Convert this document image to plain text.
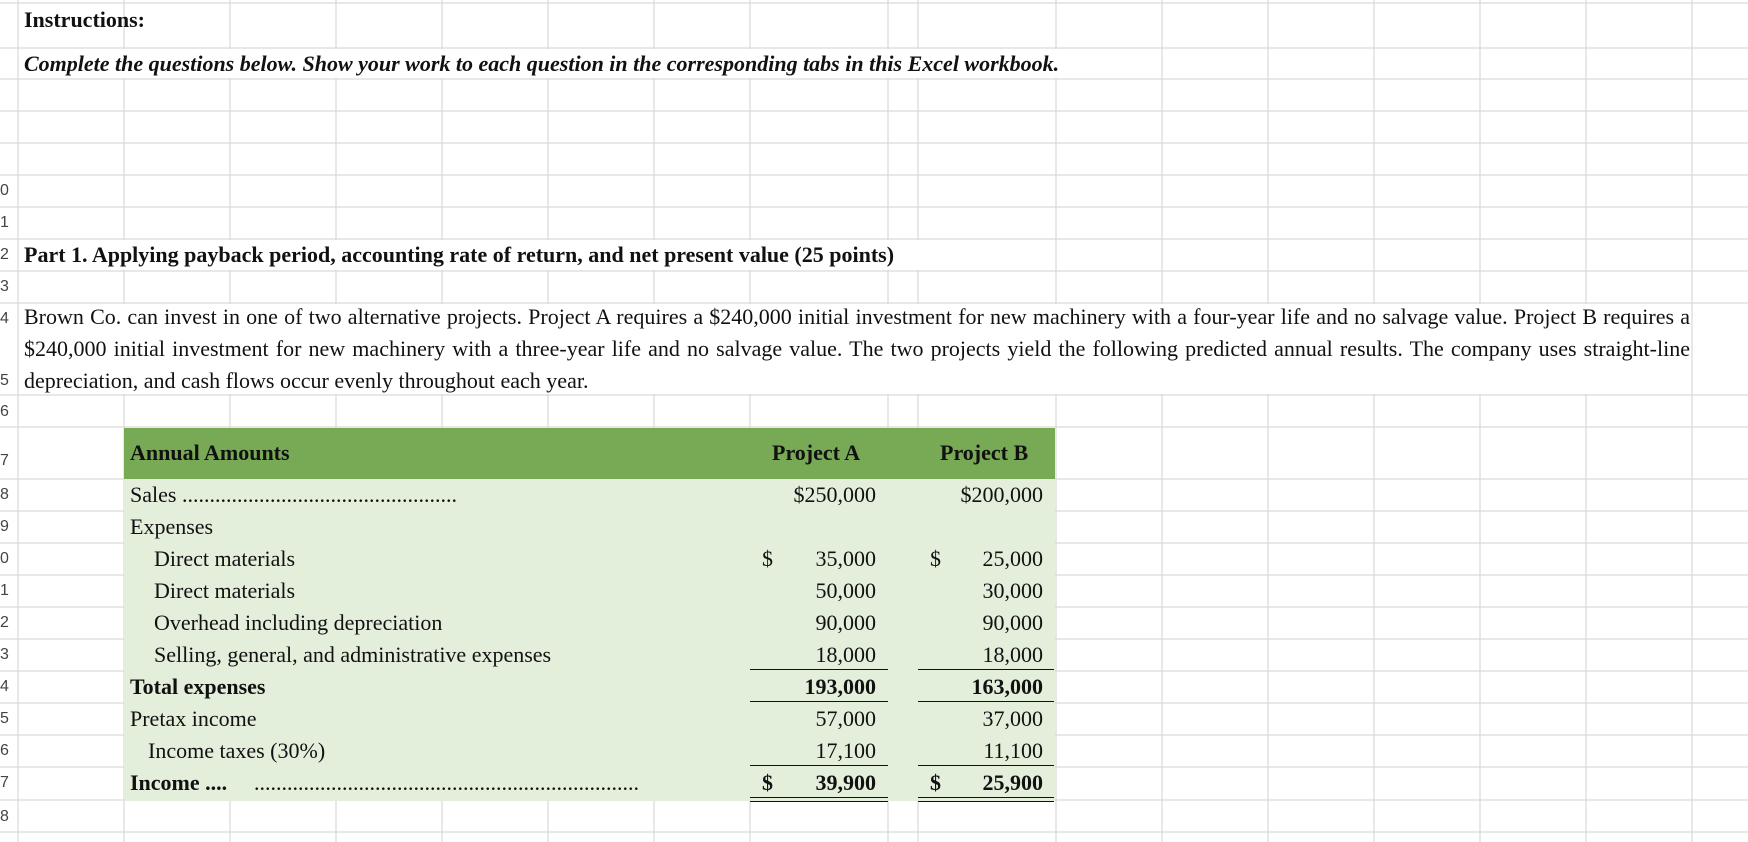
0
1
2
3
4
5
6
7
8
9
0
1
2
3
4
5
6
7
8
Instructions:
Complete the questions below. Show your work to each question in the corresponding tabs in this Excel workbook.
Part 1. Applying payback period, accounting rate of return, and net present value (25 points)
Brown Co. can invest in one of two alternative projects. Project A requires a $240,000 initial investment for new machinery with a four-year life and no salvage value. Project B requires a $240,000 initial investment for new machinery with a three-year life and no salvage value. The two projects yield the following predicted annual results. The company uses straight-line depreciation, and cash flows occur evenly throughout each year.
Annual Amounts	Project A	Project B
Sales ..................................................	$250,000	$200,000
Expenses
Direct materials	$ 35,000 $ 25,000
Direct materials	50,000	30,000
Overhead including depreciation	90,000	90,000
Selling, general, and administrative expenses	18,000	18,000
Total expenses	193,000	163,000
Pretax income	57,000	37,000
Income taxes (30%)	17,100	11,100
Income .... ......................................................................	$ 39,900 $ 25,900
